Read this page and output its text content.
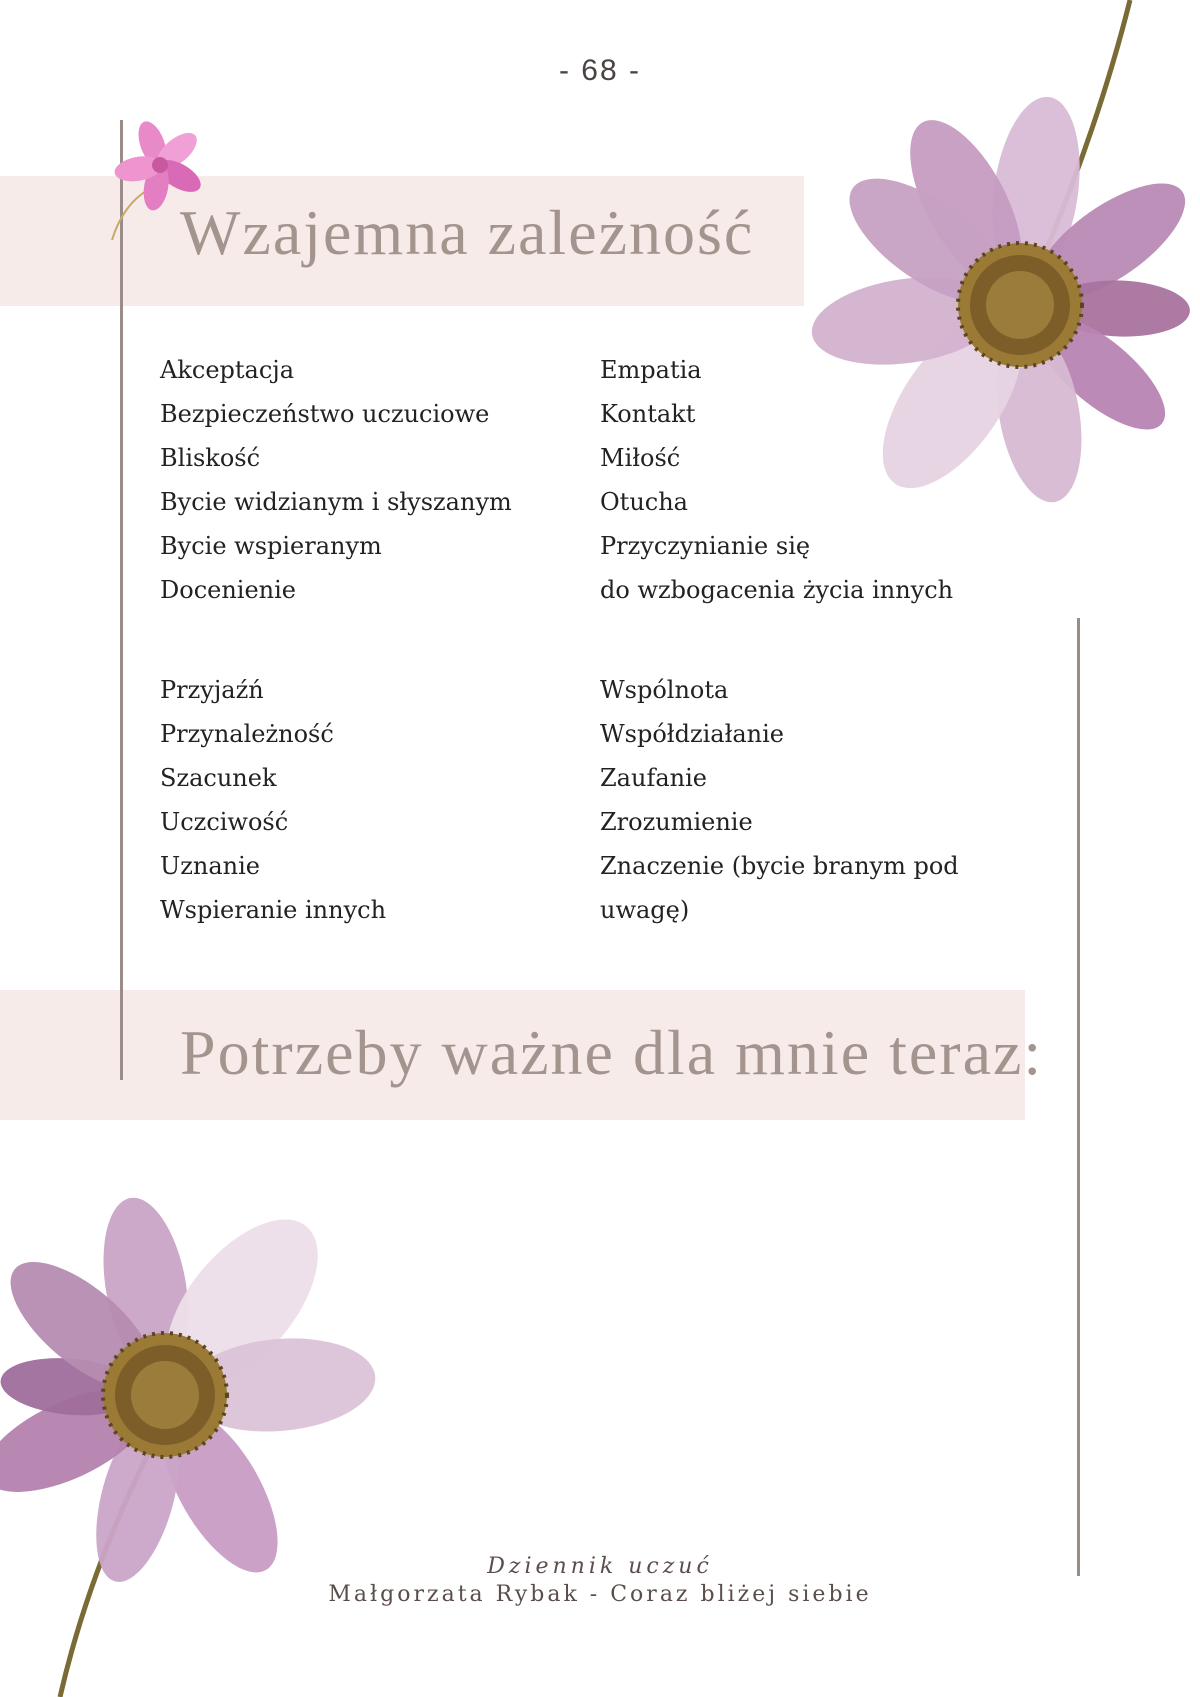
- 68 -
Wzajemna zależność
Akceptacja
Bezpieczeństwo uczuciowe
Bliskość
Bycie widzianym i słyszanym
Bycie wspieranym
Docenienie
Empatia
Kontakt
Miłość
Otucha
Przyczynianie się
do wzbogacenia życia innych
Przyjaźń
Przynależność
Szacunek
Uczciwość
Uznanie
Wspieranie innych
Wspólnota
Współdziałanie
Zaufanie
Zrozumienie
Znaczenie (bycie branym pod
uwagę)
Potrzeby ważne dla mnie teraz:
Dziennik uczuć
Małgorzata Rybak - Coraz bliżej siebie
